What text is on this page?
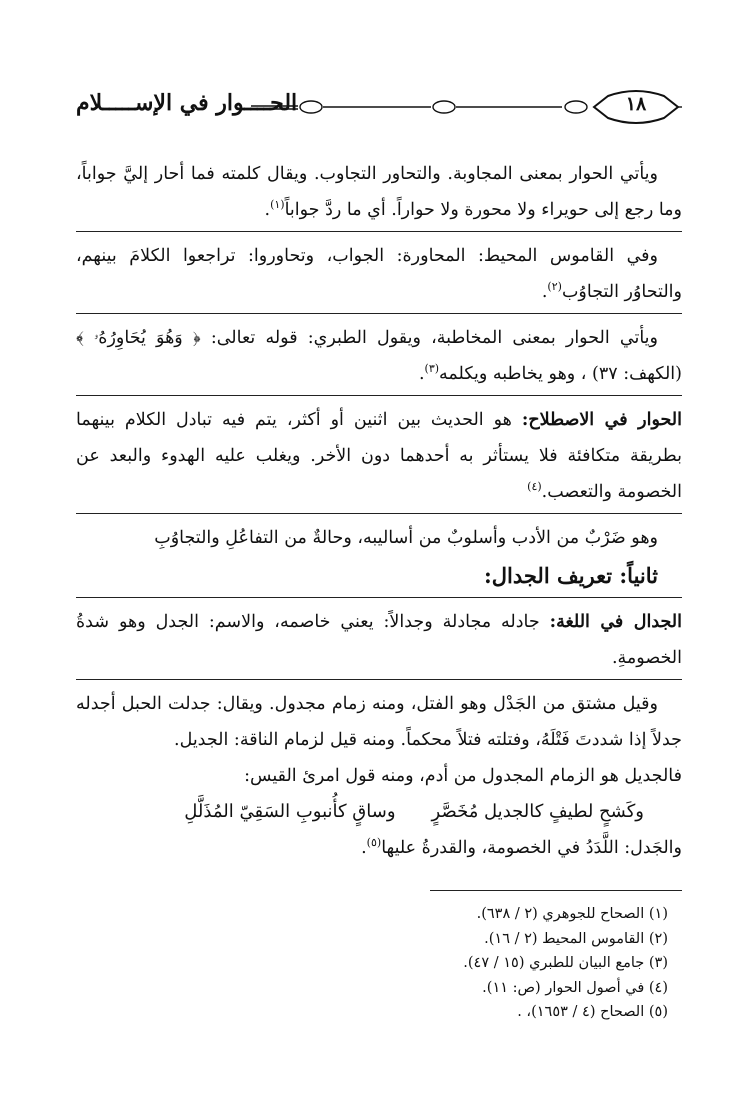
الحــــوار في الإســـــلام	١٨

ويأتي الحوار بمعنى المجاوبة. والتحاور التجاوب. ويقال كلمته فما أحار إليَّ جواباً، وما رجع إلى حويراء ولا محورة ولا حواراً. أي ما ردَّ جواباً$^{(١)}$.

وفي القاموس المحيط: المحاورة: الجواب، وتحاوروا: تراجعوا الكلامَ بينهم، والتحاوُر التجاوُب$^{(٢)}$.

ويأتي الحوار بمعنى المخاطبة، ويقول الطبري: قوله تعالى: ﴿ وَهُوَ يُحَاوِرُهُۥ ﴾ (الكهف: ٣٧) ، وهو يخاطبه ويكلمه$^{(٣)}$.

الحوار في الاصطلاح: هو الحديث بين اثنين أو أكثر، يتم فيه تبادل الكلام بينهما بطريقة متكافئة فلا يستأثر به أحدهما دون الأخر. ويغلب عليه الهدوء والبعد عن الخصومة والتعصب.$^{(٤)}$

وهو ضَرْبٌ من الأدب وأسلوبٌ من أساليبه، وحالةٌ من التفاعُلِ والتجاوُبِ

ثانياً: تعريف الجدال:

الجدال في اللغة: جادله مجادلة وجدالاً: يعني خاصمه، والاسم: الجدل وهو شدةُ الخصومةِ.

وقيل مشتق من الجَدْل وهو الفتل، ومنه زمام مجدول. ويقال: جدلت الحبل أجدله جدلاً إذا شددتَ فَتْلَهُ، وفتلته فتلاً محكماً. ومنه قيل لزمام الناقة: الجديل.

فالجديل هو الزمام المجدول من أدم، ومنه قول امرئ القيس:

وكَشحٍ لطيفٍ كالجديل مُخَصَّرٍوساقٍ كأُنبوبِ السَقِيّ المُذَلَّلِ

والجَدل: اللَّدَدُ في الخصومة، والقدرةُ عليها$^{(٥)}$.

(١) الصحاح للجوهري (٢ / ٦٣٨).

(٢) القاموس المحيط (٢ / ١٦).

(٣) جامع البيان للطبري (١٥ / ٤٧).

(٤) في أصول الحوار (ص: ١١).

(٥) الصحاح (٤ / ١٦٥٣)، .
